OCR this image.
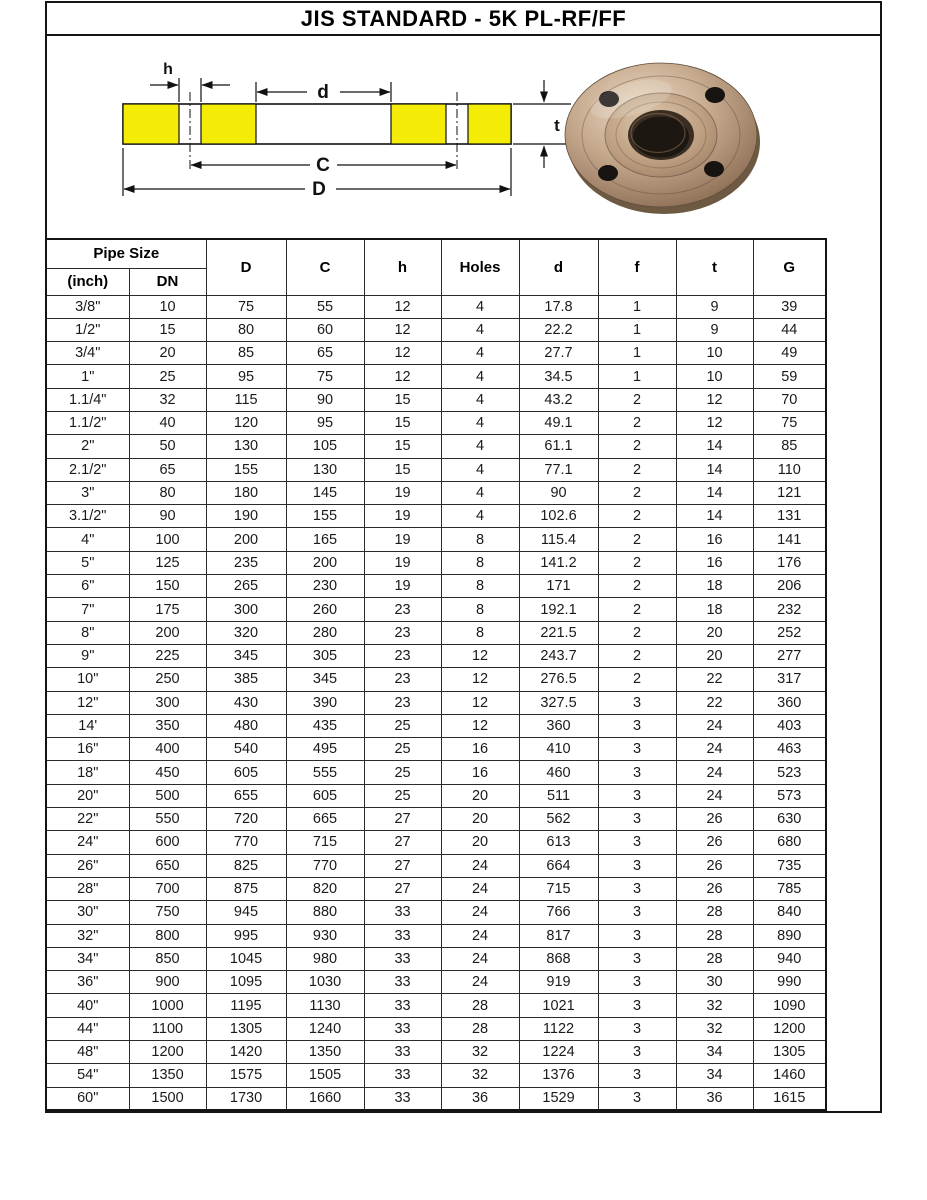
JIS STANDARD - 5K PL-RF/FF
h
d
t
C
D
Pipe Size		D	C	h	Holes	d	f	t	G
(inch)	DN								
3/8"	10	75	55	12	4	17.8	1	9	39
1/2"	15	80	60	12	4	22.2	1	9	44
3/4"	20	85	65	12	4	27.7	1	10	49
1"	25	95	75	12	4	34.5	1	10	59
1.1/4"	32	115	90	15	4	43.2	2	12	70
1.1/2"	40	120	95	15	4	49.1	2	12	75
2"	50	130	105	15	4	61.1	2	14	85
2.1/2"	65	155	130	15	4	77.1	2	14	110
3"	80	180	145	19	4	90	2	14	121
3.1/2"	90	190	155	19	4	102.6	2	14	131
4"	100	200	165	19	8	115.4	2	16	141
5"	125	235	200	19	8	141.2	2	16	176
6"	150	265	230	19	8	171	2	18	206
7"	175	300	260	23	8	192.1	2	18	232
8"	200	320	280	23	8	221.5	2	20	252
9"	225	345	305	23	12	243.7	2	20	277
10"	250	385	345	23	12	276.5	2	22	317
12"	300	430	390	23	12	327.5	3	22	360
14'	350	480	435	25	12	360	3	24	403
16"	400	540	495	25	16	410	3	24	463
18"	450	605	555	25	16	460	3	24	523
20"	500	655	605	25	20	511	3	24	573
22"	550	720	665	27	20	562	3	26	630
24"	600	770	715	27	20	613	3	26	680
26"	650	825	770	27	24	664	3	26	735
28"	700	875	820	27	24	715	3	26	785
30"	750	945	880	33	24	766	3	28	840
32"	800	995	930	33	24	817	3	28	890
34"	850	1045	980	33	24	868	3	28	940
36"	900	1095	1030	33	24	919	3	30	990
40"	1000	1195	1130	33	28	1021	3	32	1090
44"	1100	1305	1240	33	28	1122	3	32	1200
48"	1200	1420	1350	33	32	1224	3	34	1305
54"	1350	1575	1505	33	32	1376	3	34	1460
60"	1500	1730	1660	33	36	1529	3	36	1615
